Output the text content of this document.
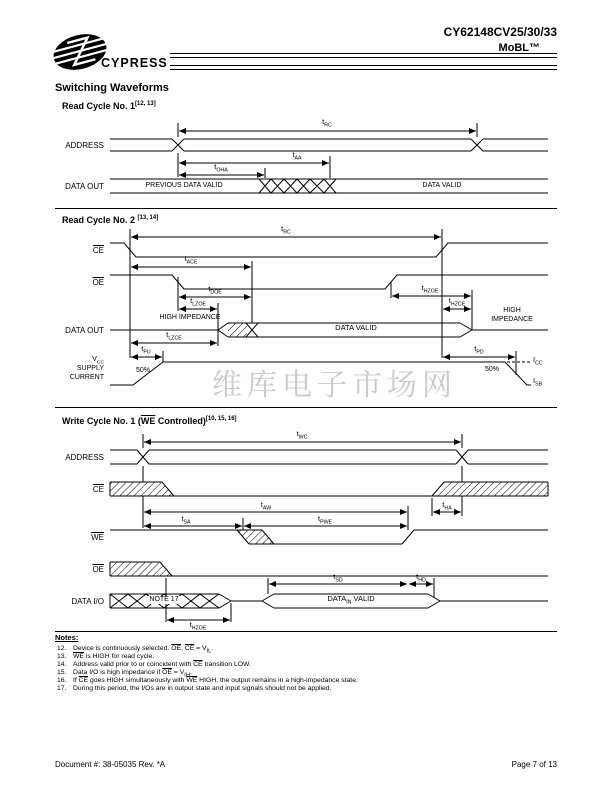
CYPRESS
CY62148CV25/30/33
MoBL™
Switching Waveforms
Read Cycle No. 1[12, 13]
ADDRESS
DATA OUT
$t_{RC}$
$t_{AA}$
$t_{OHA}$
PREVIOUS DATA VALID	DATA VALID
Read Cycle No. 2 [13, 14]
$\overline{CE}$
$\overline{OE}$
DATA OUT
$V_{CC}$
SUPPLY
CURRENT
$t_{RC}$
$t_{ACE}$
$t_{DOE}$
$t_{LZOE}$
$t_{HZOE}$
$t_{HZCE}$
$t_{LZCE}$
$t_{PU}$	$t_{PD}$
HIGH IMPEDANCE
DATA VALID
HIGH
IMPEDANCE
50%	50%
$I_{CC}$
$I_{SB}$
Write Cycle No. 1 ($\overline{WE}$ Controlled)[10, 15, 16]
ADDRESS
$\overline{CE}$
$\overline{WE}$
$\overline{OE}$
DATA I/O
$t_{WC}$
$t_{AW}$	$t_{HA}$
$t_{SA}$	$t_{PWE}$
$t_{SD}$	$t_{HD}$
$t_{HZOE}$
NOTE 17	$DATA_{IN}$ VALID
Notes:
12. Device is continuously selected. $\overline{OE}$, $\overline{CE} = V_{IL}$.
13. $\overline{WE}$ is HIGH for read cycle.
14. Address valid prior to or coincident with $\overline{CE}$ transition LOW.
15. Data I/O is high impedance if $\overline{OE} = V_{IH}$.
16. If $\overline{CE}$ goes HIGH simultaneously with $\overline{WE}$ HIGH, the output remains in a high-impedance state.
17. During this period, the I/Os are in output state and input signals should not be applied.
Document #: 38-05035 Rev. *A	Page 7 of 13
维库电子市场网
